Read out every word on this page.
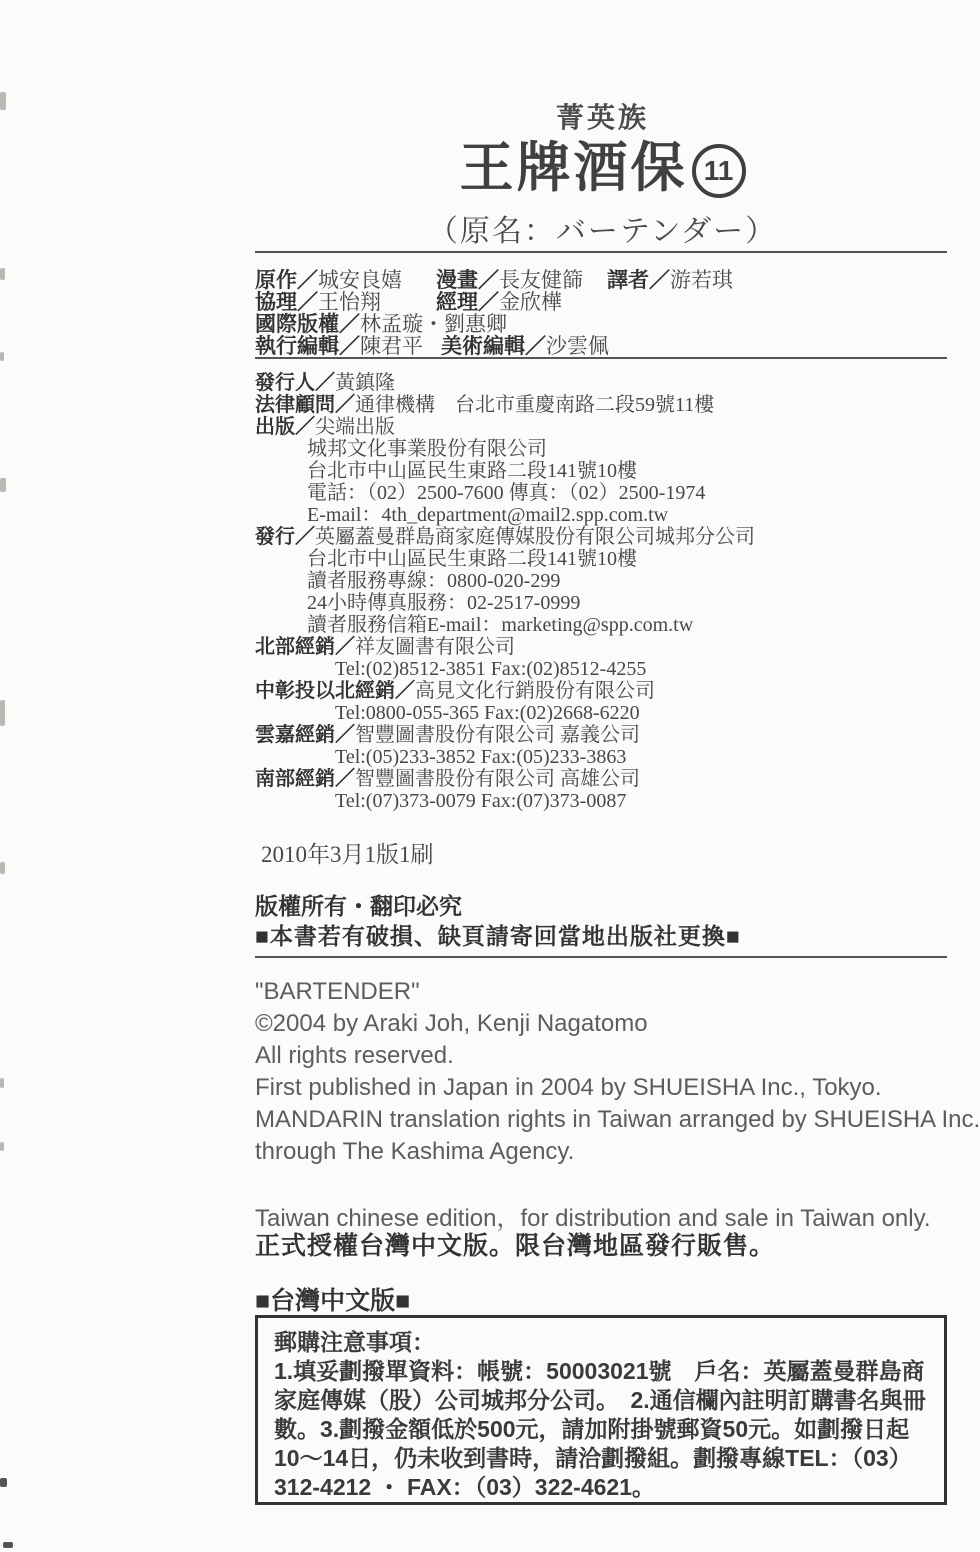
菁英族
王牌酒保 11
（原名：バーテンダー）
原作／城安良嬉 漫畫／長友健篩 譯者／游若琪
協理／王怡翔	經理／金欣樺
國際版權／林孟璇・劉惠卿
執行編輯／陳君平 美術編輯／沙雲佩
發行人／黃鎮隆
法律顧問／通律機構　台北市重慶南路二段59號11樓
出版／尖端出版
城邦文化事業股份有限公司
台北市中山區民生東路二段141號10樓
電話：（02）2500-7600 傳真：（02）2500-1974
E-mail：4th_department@mail2.spp.com.tw
發行／英屬蓋曼群島商家庭傳媒股份有限公司城邦分公司
台北市中山區民生東路二段141號10樓
讀者服務專線：0800-020-299
24小時傳真服務：02-2517-0999
讀者服務信箱E-mail：marketing@spp.com.tw
北部經銷／祥友圖書有限公司
Tel:(02)8512-3851 Fax:(02)8512-4255
中彰投以北經銷／高見文化行銷股份有限公司
Tel:0800-055-365 Fax:(02)2668-6220
雲嘉經銷／智豐圖書股份有限公司 嘉義公司
Tel:(05)233-3852 Fax:(05)233-3863
南部經銷／智豐圖書股份有限公司 高雄公司
Tel:(07)373-0079 Fax:(07)373-0087
2010年3月1版1刷
版權所有・翻印必究
■本書若有破損、缺頁請寄回當地出版社更換■
"BARTENDER"
©2004 by Araki Joh, Kenji Nagatomo
All rights reserved.
First published in Japan in 2004 by SHUEISHA Inc., Tokyo.
MANDARIN translation rights in Taiwan arranged by SHUEISHA Inc.
through The Kashima Agency.
Taiwan chinese edition，for distribution and sale in Taiwan only.
正式授權台灣中文版。限台灣地區發行販售。
■台灣中文版■
郵購注意事項：
1.填妥劃撥單資料：帳號：50003021號　戶名：英屬蓋曼群島商
家庭傳媒（股）公司城邦分公司。　2.通信欄內註明訂購書名與冊
數。3.劃撥金額低於500元，請加附掛號郵資50元。如劃撥日起
10～14日，仍未收到書時，請洽劃撥組。劃撥專線TEL：（03）
312-4212 ・ FAX：（03）322-4621。
